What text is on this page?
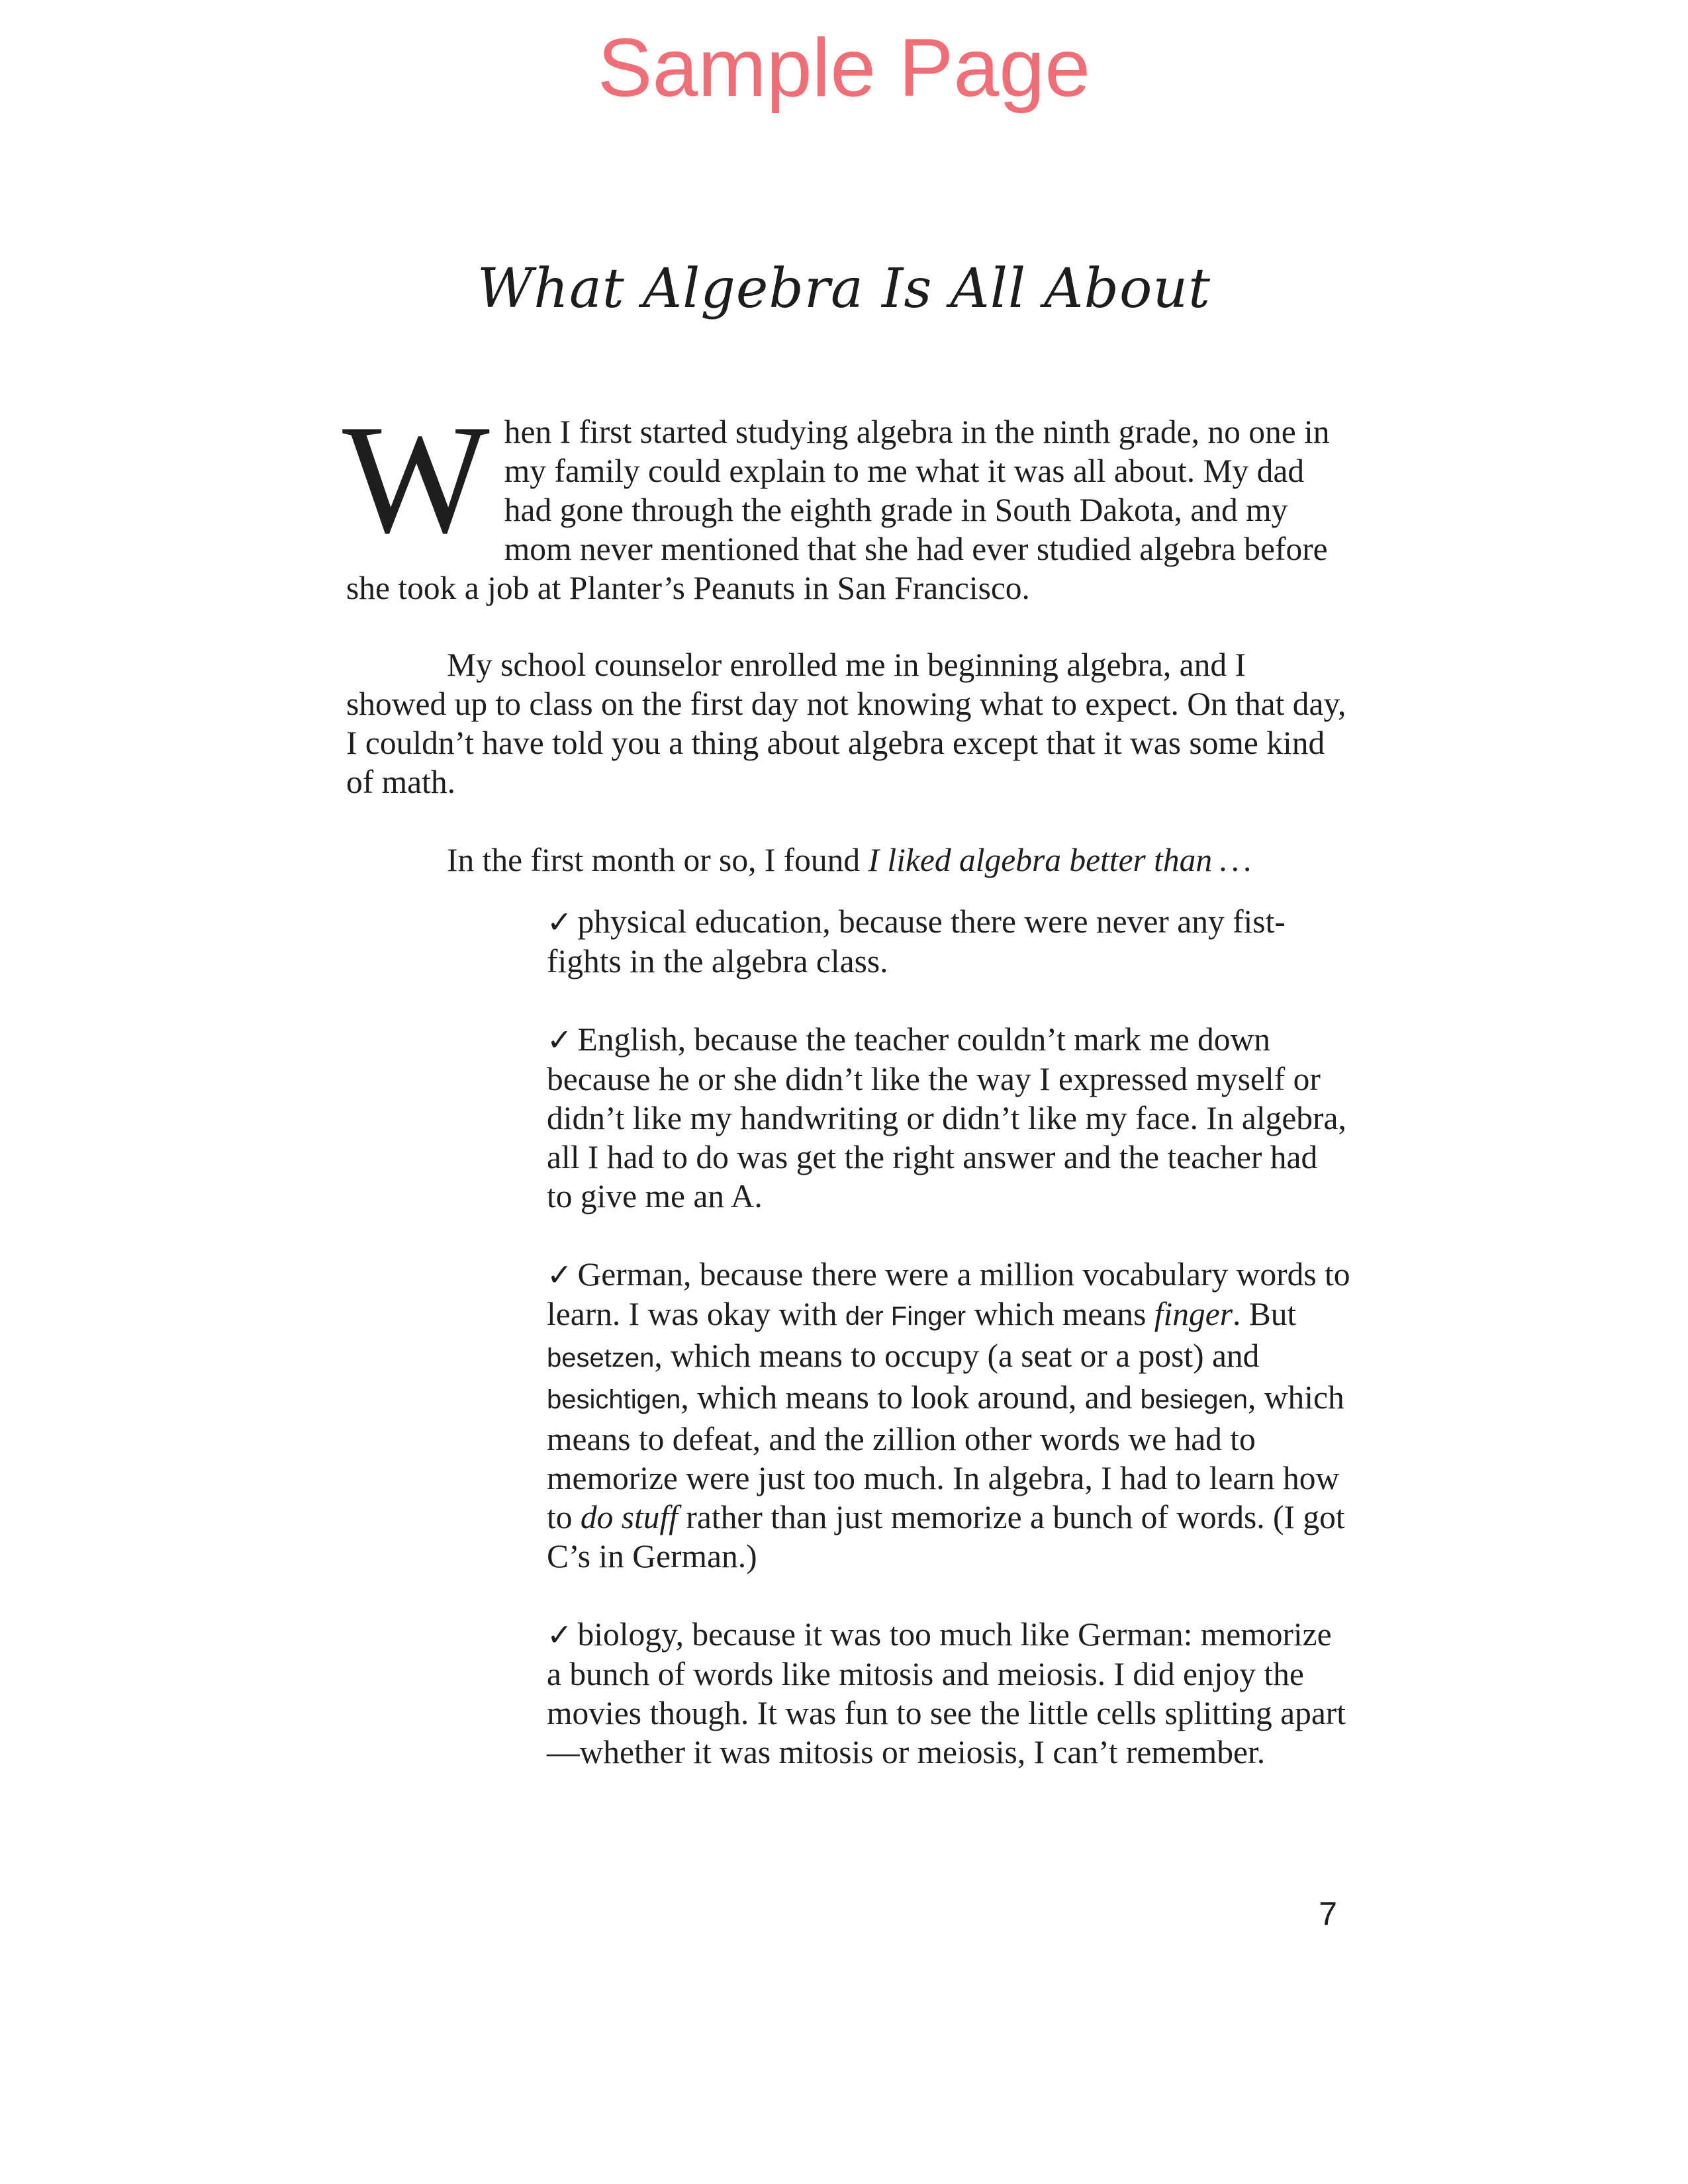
Sample Page
What Algebra Is All About

When I first started studying algebra in the ninth grade, no one in my family could explain to me what it was all about. My dad had gone through the eighth grade in South Dakota, and my mom never mentioned that she had ever studied algebra before she took a job at Planter’s Peanuts in San Francisco.

My school counselor enrolled me in beginning algebra, and I showed up to class on the first day not knowing what to expect. On that day, I couldn’t have told you a thing about algebra except that it was some kind of math.

In the first month or so, I found I liked algebra better than ...

✓ physical education, because there were never any fist-fights in the algebra class.
✓ English, because the teacher couldn’t mark me down because he or she didn’t like the way I expressed myself or didn’t like my handwriting or didn’t like my face. In algebra, all I had to do was get the right answer and the teacher had to give me an A.
✓ German, because there were a million vocabulary words to learn. I was okay with der Finger which means finger. But besetzen, which means to occupy (a seat or a post) and besichtigen, which means to look around, and besiegen, which means to defeat, and the zillion other words we had to memorize were just too much. In algebra, I had to learn how to do stuff rather than just memorize a bunch of words. (I got C’s in German.)
✓ biology, because it was too much like German: memorize a bunch of words like mitosis and meiosis. I did enjoy the movies though. It was fun to see the little cells splitting apart—whether it was mitosis or meiosis, I can’t remember.
7
